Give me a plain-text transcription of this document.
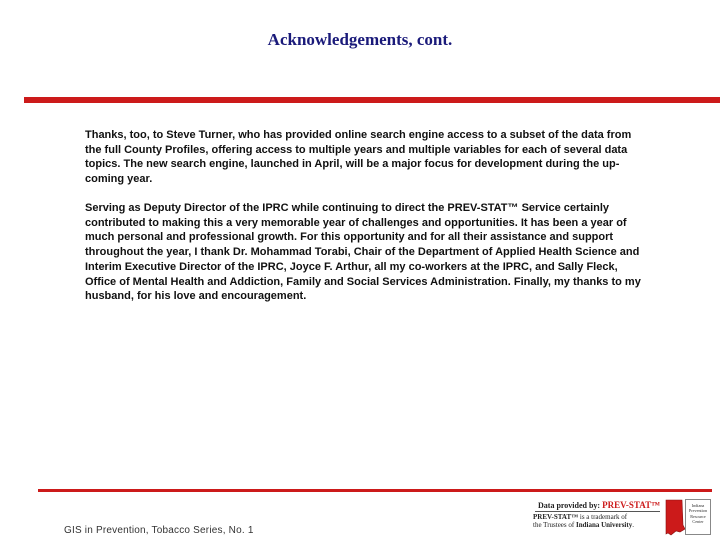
Acknowledgements, cont.

Thanks, too, to Steve Turner, who has provided online search engine access to a subset of the data from the full County Profiles, offering access to multiple years and multiple variables for each of several data topics. The new search engine, launched in April, will be a major focus for development during the up-coming year.

Serving as Deputy Director of the IPRC while continuing to direct the PREV-STAT™ Service certainly contributed to making this a very memorable year of challenges and opportunities. It has been a year of much personal and professional growth. For this opportunity and for all their assistance and support throughout the year, I thank Dr. Mohammad Torabi, Chair of the Department of Applied Health Science and Interim Executive Director of the IPRC, Joyce F. Arthur, all my co-workers at the IPRC, and Sally Fleck, Office of Mental Health and Addiction, Family and Social Services Administration. Finally, my thanks to my husband, for his love and encouragement.

GIS in Prevention, Tobacco Series, No. 1
Data provided by: PREV-STAT™
PREV-STAT™ is a trademark of
the Trustees of Indiana University.
Indiana
Prevention
Resource
Center
